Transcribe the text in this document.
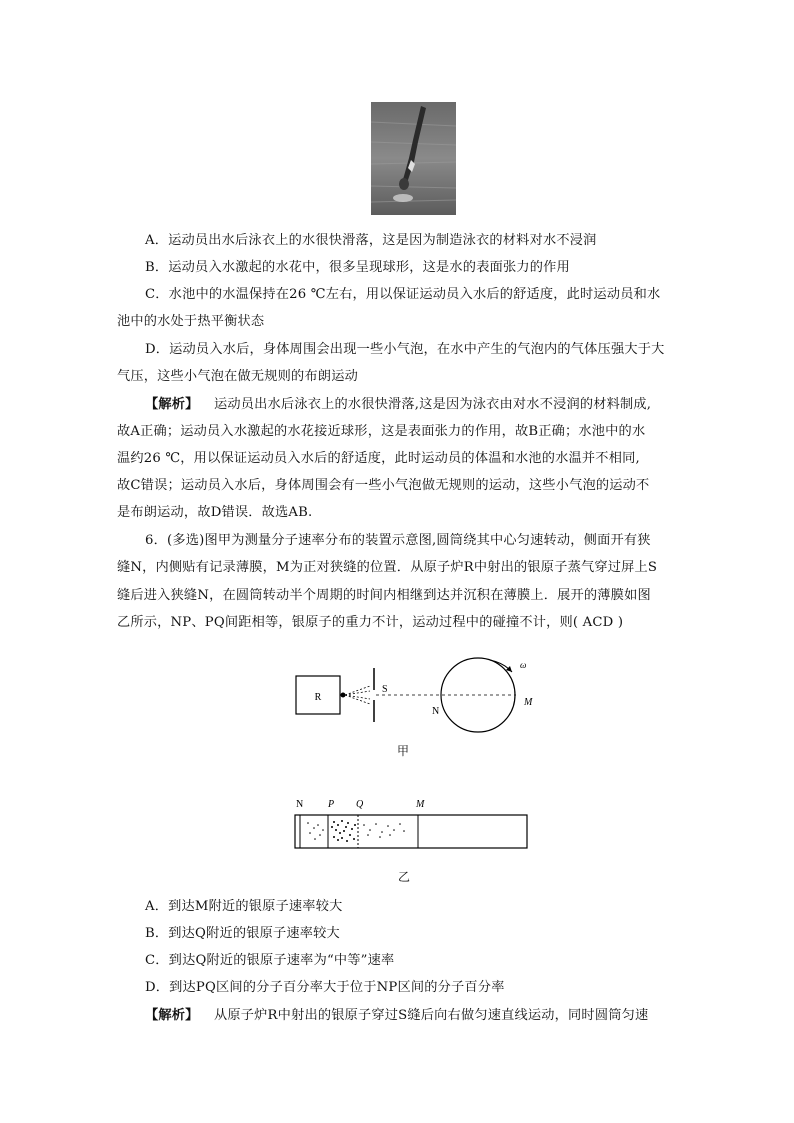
A．运动员出水后泳衣上的水很快滑落，这是因为制造泳衣的材料对水不浸润
B．运动员入水激起的水花中，很多呈现球形，这是水的表面张力的作用
C．水池中的水温保持在26 ℃左右，用以保证运动员入水后的舒适度，此时运动员和水
池中的水处于热平衡状态
D．运动员入水后，身体周围会出现一些小气泡，在水中产生的气泡内的气体压强大于大
气压，这些小气泡在做无规则的布朗运动
【解析】 运动员出水后泳衣上的水很快滑落,这是因为泳衣由对水不浸润的材料制成,
故A正确；运动员入水激起的水花接近球形，这是表面张力的作用，故B正确；水池中的水
温约26 ℃，用以保证运动员入水后的舒适度，此时运动员的体温和水池的水温并不相同,
故C错误；运动员入水后，身体周围会有一些小气泡做无规则的运动，这些小气泡的运动不
是布朗运动，故D错误．故选AB.
6．(多选)图甲为测量分子速率分布的装置示意图,圆筒绕其中心匀速转动，侧面开有狭
缝N，内侧贴有记录薄膜，M为正对狭缝的位置．从原子炉R中射出的银原子蒸气穿过屏上S
缝后进入狭缝N，在圆筒转动半个周期的时间内相继到达并沉积在薄膜上．展开的薄膜如图
乙所示，NP、PQ间距相等，银原子的重力不计，运动过程中的碰撞不计，则( ACD )
R
S
N
M
ω
甲
N P Q	M
乙
A．到达M附近的银原子速率较大
B．到达Q附近的银原子速率较大
C．到达Q附近的银原子速率为“中等”速率
D．到达PQ区间的分子百分率大于位于NP区间的分子百分率
【解析】 从原子炉R中射出的银原子穿过S缝后向右做匀速直线运动，同时圆筒匀速
